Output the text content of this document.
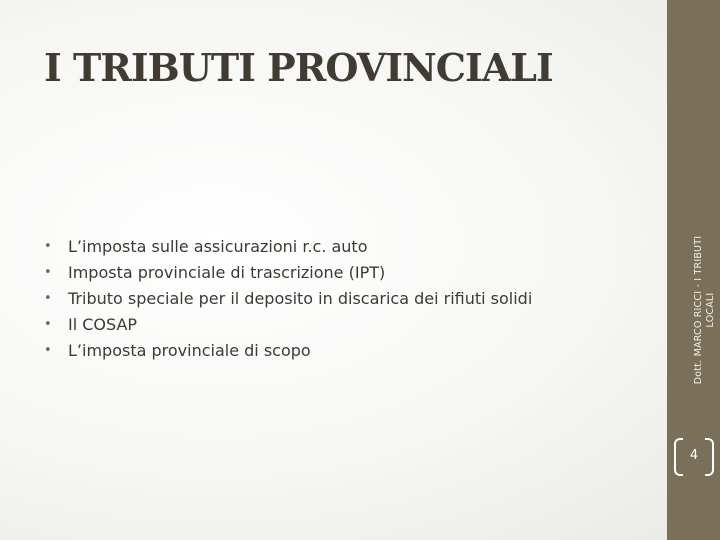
I TRIBUTI PROVINCIALI
•	L’imposta sulle assicurazioni r.c. auto
•	Imposta provinciale di trascrizione (IPT)
•	Tributo speciale per il deposito in discarica dei rifiuti solidi
•	Il COSAP
•	L’imposta provinciale di scopo	Dott. MARCO RICCI - I TRIBUTI LOCALI
4
